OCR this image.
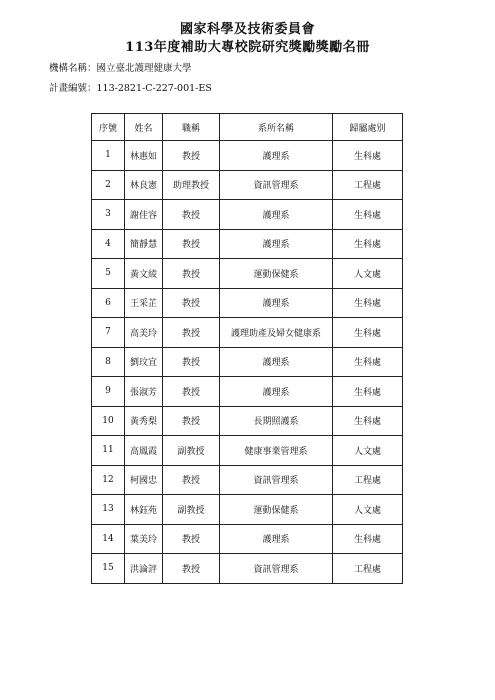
國家科學及技術委員會
113年度補助大專校院研究獎勵獎勵名冊
機構名稱：國立臺北護理健康大學
計畫編號：113-2821-C-227-001-ES
序號	姓名	職稱	系所名稱	歸屬處別
1	林惠如	教授	護理系	生科處
2	林良憲	助理教授	資訊管理系	工程處
3	謝佳容	教授	護理系	生科處
4	簡靜慧	教授	護理系	生科處
5	黃文綾	教授	運動保健系	人文處
6	王采芷	教授	護理系	生科處
7	高美玲	教授	護理助產及婦女健康系	生科處
8	劉玟宜	教授	護理系	生科處
9	張淑芳	教授	護理系	生科處
10	黃秀梨	教授	長期照護系	生科處
11	高鳳霞	副教授	健康事業管理系	人文處
12	柯國忠	教授	資訊管理系	工程處
13	林鈺苑	副教授	運動保健系	人文處
14	葉美玲	教授	護理系	生科處
15	洪論評	教授	資訊管理系	工程處
